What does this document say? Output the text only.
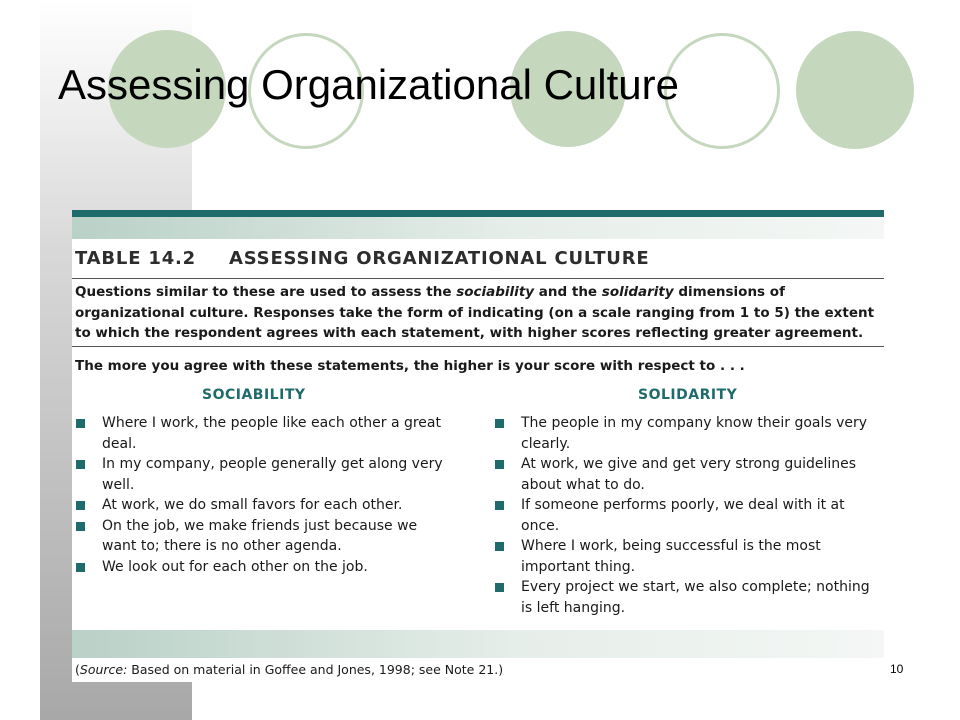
Assessing Organizational Culture
TABLE 14.2 ASSESSING ORGANIZATIONAL CULTURE
Questions similar to these are used to assess the sociability and the solidarity dimensions of organizational culture. Responses take the form of indicating (on a scale ranging from 1 to 5) the extent to which the respondent agrees with each statement, with higher scores reflecting greater agreement.
The more you agree with these statements, the higher is your score with respect to . . .
SOCIABILITY	SOLIDARITY
Where I work, the people like each other a great deal.
In my company, people generally get along very well.
At work, we do small favors for each other.
On the job, we make friends just because we want to; there is no other agenda.
We look out for each other on the job.
The people in my company know their goals very clearly.
At work, we give and get very strong guidelines about what to do.
If someone performs poorly, we deal with it at once.
Where I work, being successful is the most important thing.
Every project we start, we also complete; nothing is left hanging.
(Source: Based on material in Goffee and Jones, 1998; see Note 21.)	10
